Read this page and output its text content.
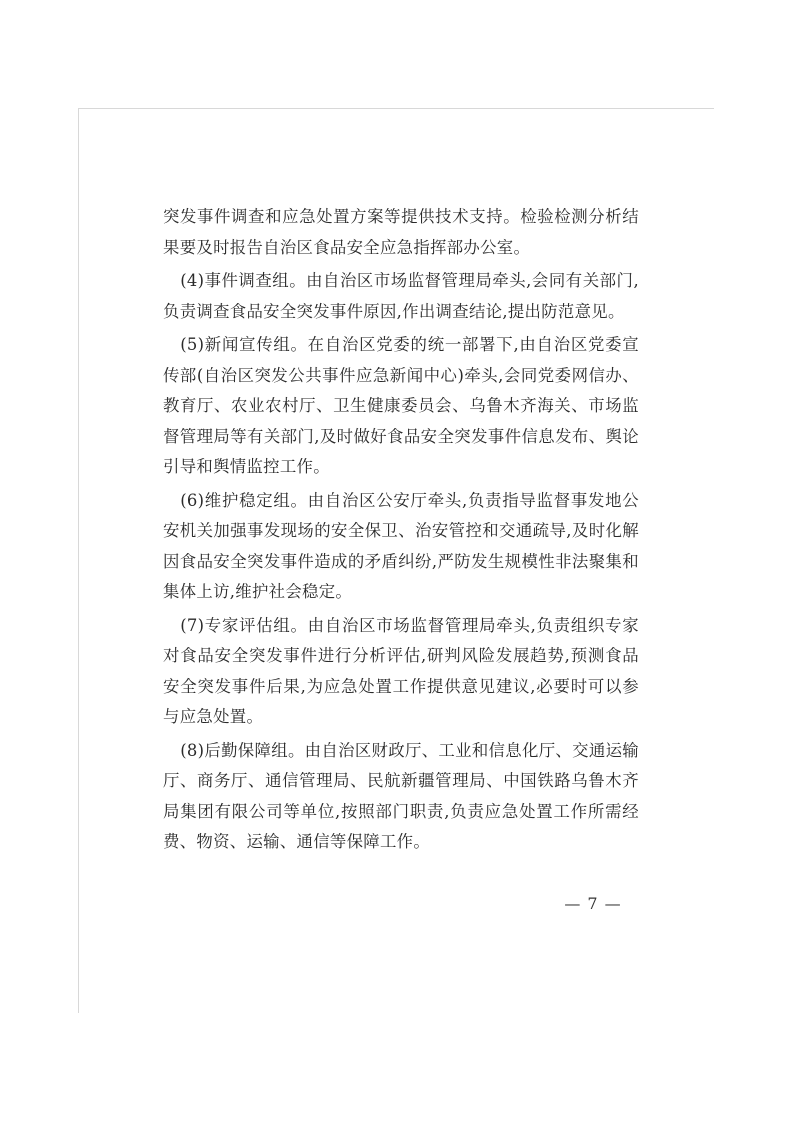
突发事件调查和应急处置方案等提供技术支持。检验检测分析结果要及时报告自治区食品安全应急指挥部办公室。

(4)事件调查组。由自治区市场监督管理局牵头,会同有关部门,负责调查食品安全突发事件原因,作出调查结论,提出防范意见。

(5)新闻宣传组。在自治区党委的统一部署下,由自治区党委宣传部(自治区突发公共事件应急新闻中心)牵头,会同党委网信办、教育厅、农业农村厅、卫生健康委员会、乌鲁木齐海关、市场监督管理局等有关部门,及时做好食品安全突发事件信息发布、舆论引导和舆情监控工作。

(6)维护稳定组。由自治区公安厅牵头,负责指导监督事发地公安机关加强事发现场的安全保卫、治安管控和交通疏导,及时化解因食品安全突发事件造成的矛盾纠纷,严防发生规模性非法聚集和集体上访,维护社会稳定。

(7)专家评估组。由自治区市场监督管理局牵头,负责组织专家对食品安全突发事件进行分析评估,研判风险发展趋势,预测食品安全突发事件后果,为应急处置工作提供意见建议,必要时可以参与应急处置。

(8)后勤保障组。由自治区财政厅、工业和信息化厅、交通运输厅、商务厅、通信管理局、民航新疆管理局、中国铁路乌鲁木齐局集团有限公司等单位,按照部门职责,负责应急处置工作所需经费、物资、运输、通信等保障工作。

— 7 —
